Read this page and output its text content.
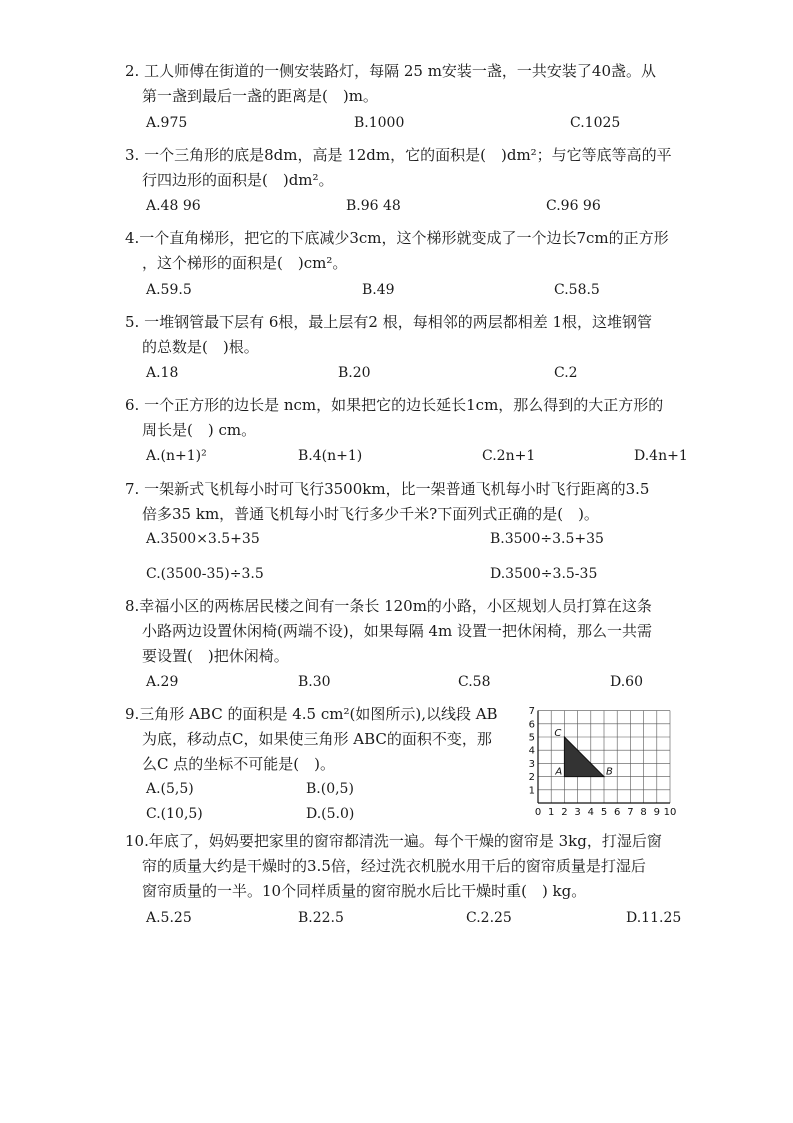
2. 工人师傅在街道的一侧安装路灯，每隔 25 m安装一盏，一共安装了40盏。从
第一盏到最后一盏的距离是(　)m。
A.975	B.1000	C.1025
3. 一个三角形的底是8dm，高是 12dm，它的面积是(　)dm²；与它等底等高的平
行四边形的面积是(　)dm²。
A.48 96	B.96 48	C.96 96
4.一个直角梯形，把它的下底减少3cm，这个梯形就变成了一个边长7cm的正方形
，这个梯形的面积是(　)cm²。
A.59.5	B.49	C.58.5
5. 一堆钢管最下层有 6根，最上层有2 根，每相邻的两层都相差 1根，这堆钢管
的总数是(　)根。
A.18	B.20	C.2
6. 一个正方形的边长是 ncm，如果把它的边长延长1cm，那么得到的大正方形的
周长是(　) cm。
A.(n+1)²	B.4(n+1)	C.2n+1	D.4n+1
7. 一架新式飞机每小时可飞行3500km，比一架普通飞机每小时飞行距离的3.5
倍多35 km，普通飞机每小时飞行多少千米?下面列式正确的是(　)。
A.3500×3.5+35	B.3500÷3.5+35
C.(3500-35)÷3.5	D.3500÷3.5-35
8.幸福小区的两栋居民楼之间有一条长 120m的小路，小区规划人员打算在这条
小路两边设置休闲椅(两端不设)，如果每隔 4m 设置一把休闲椅，那么一共需
要设置(　)把休闲椅。
A.29	B.30	C.58	D.60
9.三角形 ABC 的面积是 4.5 cm²(如图所示),以线段 AB
为底，移动点C，如果使三角形 ABC的面积不变，那
么C 点的坐标不可能是(　)。
A.(5,5)	B.(0,5)
C.(10,5)	D.(5.0)	0 1 2 3 4 5 6 7 8 9 10
1
2
3
4
5
6
7
A	B
C
10.年底了，妈妈要把家里的窗帘都清洗一遍。每个干燥的窗帘是 3kg，打湿后窗
帘的质量大约是干燥时的3.5倍，经过洗衣机脱水用干后的窗帘质量是打湿后
窗帘质量的一半。10个同样质量的窗帘脱水后比干燥时重(　) kg。
A.5.25	B.22.5	C.2.25	D.11.25
